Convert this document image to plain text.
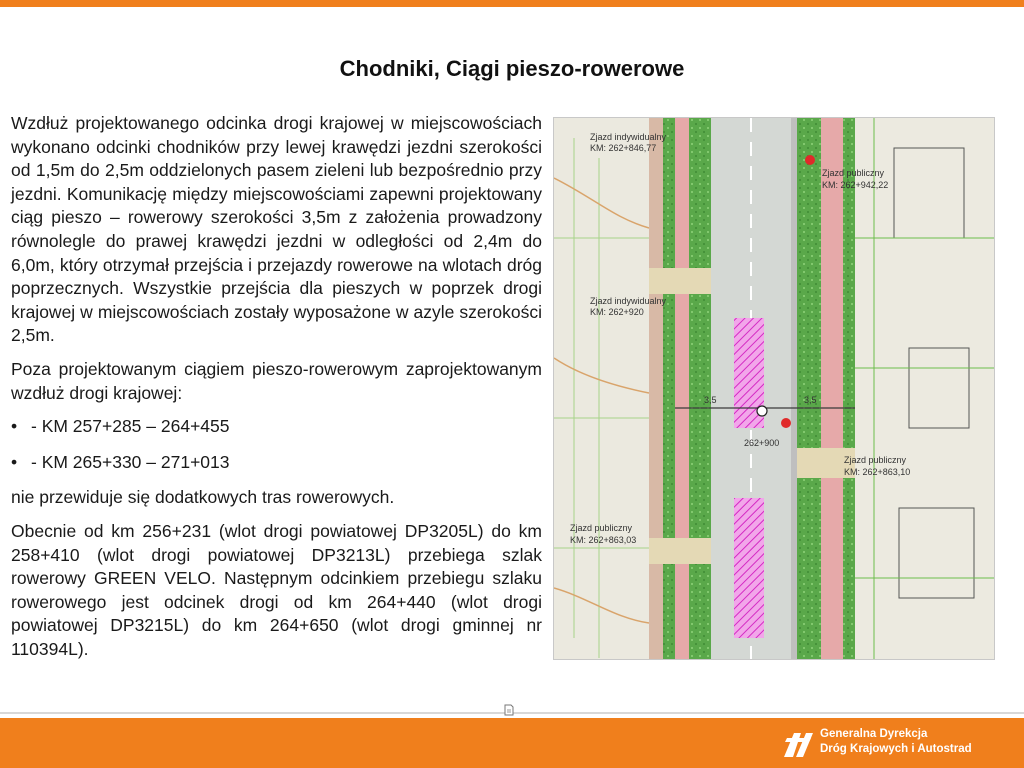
Chodniki, Ciągi pieszo-rowerowe

Wzdłuż projektowanego odcinka drogi krajowej w miejscowościach wykonano odcinki chodników przy lewej krawędzi jezdni szerokości od 1,5m do 2,5m oddzielonych pasem zieleni lub bezpośrednio przy jezdni. Komunikację między miejscowościami zapewni projektowany ciąg pieszo – rowerowy szerokości 3,5m z założenia prowadzony równolegle do prawej krawędzi jezdni w odległości od 2,4m do 6,0m, który otrzymał przejścia i przejazdy rowerowe na wlotach dróg poprzecznych. Wszystkie przejścia dla pieszych w poprzek drogi krajowej w miejscowościach zostały wyposażone w azyle szerokości 2,5m.

Poza projektowanym ciągiem pieszo-rowerowym zaprojektowanym wzdłuż drogi krajowej:

• - KM 257+285 – 264+455
• - KM 265+330 – 271+013

nie przewiduje się dodatkowych tras rowerowych.

Obecnie od km 256+231 (wlot drogi powiatowej DP3205L) do km 258+410 (wlot drogi powiatowej DP3213L) przebiega szlak rowerowy GREEN VELO. Następnym odcinkiem przebiegu szlaku rowerowego jest odcinek drogi od km 264+440 (wlot drogi powiatowej DP3215L) do km 264+650 (wlot drogi gminnej nr 110394L).

Zjazd indywidualny
KM: 262+846,77
Zjazd publiczny
KM: 262+942,22
Zjazd indywidualny
KM: 262+920
262+900
3,5	3,5
Zjazd publiczny
KM: 262+863,10
Zjazd publiczny
KM: 262+863,03
Generalna Dyrekcja
Dróg Krajowych i Autostrad
